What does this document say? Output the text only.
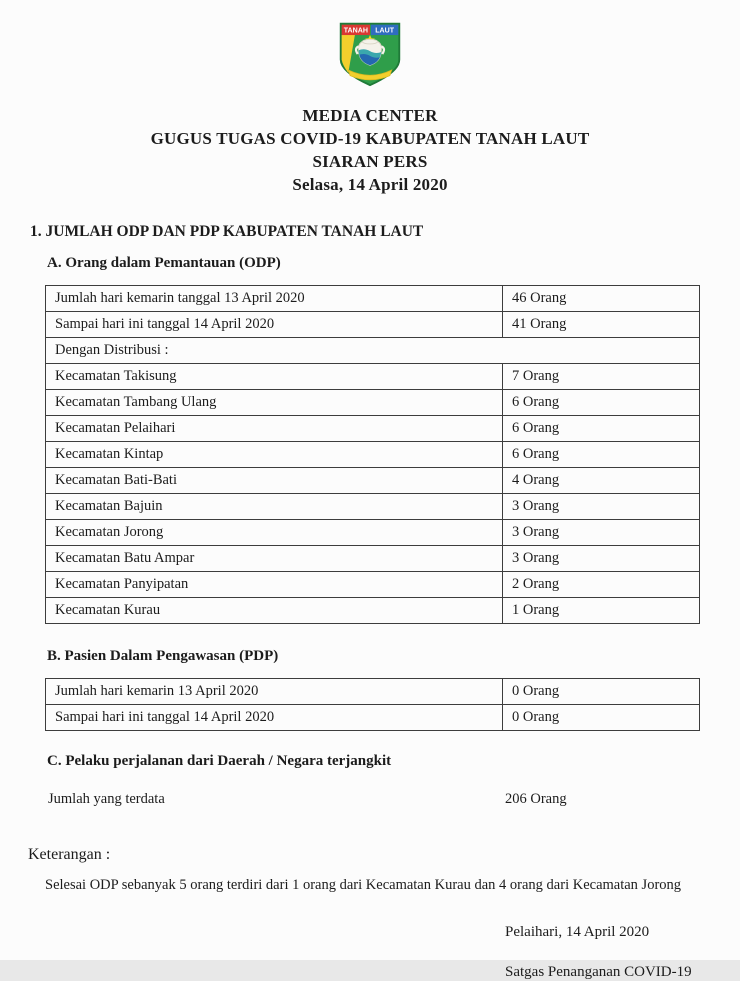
TANAH LAUT
MEDIA CENTER
GUGUS TUGAS COVID-19 KABUPATEN TANAH LAUT
SIARAN PERS
Selasa, 14 April 2020
1. JUMLAH ODP DAN PDP KABUPATEN TANAH LAUT
A. Orang dalam Pemantauan (ODP)
Jumlah hari kemarin tanggal 13 April 2020	46 Orang
Sampai hari ini tanggal 14 April 2020	41 Orang
Dengan Distribusi :	
Kecamatan Takisung	7 Orang
Kecamatan Tambang Ulang	6 Orang
Kecamatan Pelaihari	6 Orang
Kecamatan Kintap	6 Orang
Kecamatan Bati-Bati	4 Orang
Kecamatan Bajuin	3 Orang
Kecamatan Jorong	3 Orang
Kecamatan Batu Ampar	3 Orang
Kecamatan Panyipatan	2 Orang
Kecamatan Kurau	1 Orang
B. Pasien Dalam Pengawasan (PDP)
Jumlah hari kemarin 13 April 2020	0 Orang
Sampai hari ini tanggal 14 April 2020	0 Orang
C. Pelaku perjalanan dari Daerah / Negara terjangkit
Jumlah yang terdata	206 Orang
Keterangan :
Selesai ODP sebanyak 5 orang terdiri dari 1 orang dari Kecamatan Kurau dan 4 orang dari Kecamatan Jorong
Pelaihari, 14 April 2020
Satgas Penanganan COVID-19
